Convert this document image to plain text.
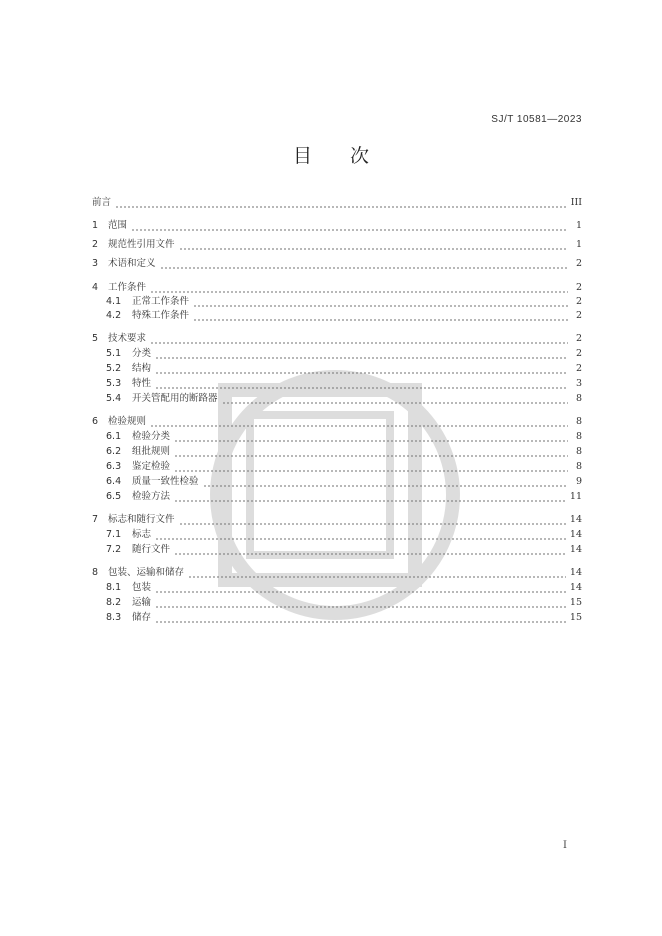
SJ/T 10581—2023
目 次
前言	III
1	范围	1
2	规范性引用文件	1
3	术语和定义	2
4	工作条件	2
4.1	正常工作条件	2
4.2	特殊工作条件	2
5	技术要求	2
5.1	分类	2
5.2	结构	2
5.3	特性	3
5.4	开关管配用的断路器	8
6	检验规则	8
6.1	检验分类	8
6.2	组批规则	8
6.3	鉴定检验	8
6.4	质量一致性检验	9
6.5	检验方法	11
7	标志和随行文件	14
7.1	标志	14
7.2	随行文件	14
8	包装、运输和储存	14
8.1	包装	14
8.2	运输	15
8.3	储存	15
I
